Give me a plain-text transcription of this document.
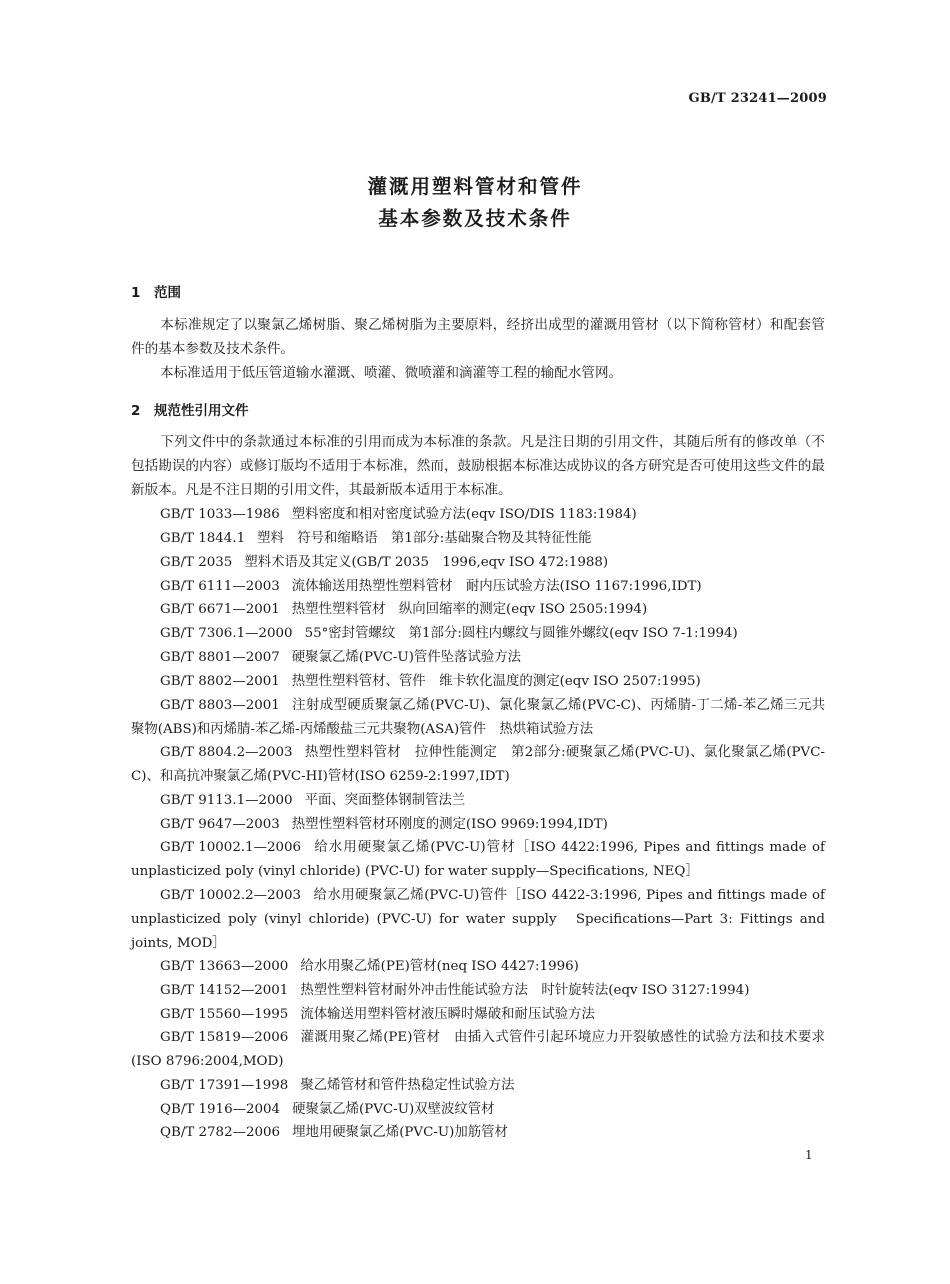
GB/T 23241—2009
灌溉用塑料管材和管件
基本参数及技术条件
1 范围
本标准规定了以聚氯乙烯树脂、聚乙烯树脂为主要原料，经挤出成型的灌溉用管材（以下简称管材）和配套管件的基本参数及技术条件。
本标准适用于低压管道输水灌溉、喷灌、微喷灌和滴灌等工程的输配水管网。
2 规范性引用文件
下列文件中的条款通过本标准的引用而成为本标准的条款。凡是注日期的引用文件，其随后所有的修改单（不包括勘误的内容）或修订版均不适用于本标准，然而，鼓励根据本标准达成协议的各方研究是否可使用这些文件的最新版本。凡是不注日期的引用文件，其最新版本适用于本标准。
GB/T 1033—1986 塑料密度和相对密度试验方法(eqv ISO/DIS 1183:1984)
GB/T 1844.1 塑料　符号和缩略语　第1部分:基础聚合物及其特征性能
GB/T 2035 塑料术语及其定义(GB/T 2035　1996,eqv ISO 472:1988)
GB/T 6111—2003 流体输送用热塑性塑料管材　耐内压试验方法(ISO 1167:1996,IDT)
GB/T 6671—2001 热塑性塑料管材　纵向回缩率的测定(eqv ISO 2505:1994)
GB/T 7306.1—2000 55°密封管螺纹　第1部分:圆柱内螺纹与圆锥外螺纹(eqv ISO 7-1:1994)
GB/T 8801—2007 硬聚氯乙烯(PVC-U)管件坠落试验方法
GB/T 8802—2001 热塑性塑料管材、管件　维卡软化温度的测定(eqv ISO 2507:1995)
GB/T 8803—2001 注射成型硬质聚氯乙烯(PVC-U)、氯化聚氯乙烯(PVC-C)、丙烯腈-丁二烯-苯乙烯三元共聚物(ABS)和丙烯腈-苯乙烯-丙烯酸盐三元共聚物(ASA)管件　热烘箱试验方法
GB/T 8804.2—2003 热塑性塑料管材　拉伸性能测定　第2部分:硬聚氯乙烯(PVC-U)、氯化聚氯乙烯(PVC-C)、和高抗冲聚氯乙烯(PVC-HI)管材(ISO 6259-2:1997,IDT)
GB/T 9113.1—2000 平面、突面整体钢制管法兰
GB/T 9647—2003 热塑性塑料管材环刚度的测定(ISO 9969:1994,IDT)
GB/T 10002.1—2006 给水用硬聚氯乙烯(PVC-U)管材［ISO 4422:1996, Pipes and fittings made of unplasticized poly (vinyl chloride) (PVC-U) for water supply—Specifications, NEQ］
GB/T 10002.2—2003 给水用硬聚氯乙烯(PVC-U)管件［ISO 4422-3:1996, Pipes and fittings made of unplasticized poly (vinyl chloride) (PVC-U) for water supply　Specifications—Part 3: Fittings and joints, MOD］
GB/T 13663—2000 给水用聚乙烯(PE)管材(neq ISO 4427:1996)
GB/T 14152—2001 热塑性塑料管材耐外冲击性能试验方法　时针旋转法(eqv ISO 3127:1994)
GB/T 15560—1995 流体输送用塑料管材液压瞬时爆破和耐压试验方法
GB/T 15819—2006 灌溉用聚乙烯(PE)管材　由插入式管件引起环境应力开裂敏感性的试验方法和技术要求(ISO 8796:2004,MOD)
GB/T 17391—1998 聚乙烯管材和管件热稳定性试验方法
QB/T 1916—2004 硬聚氯乙烯(PVC-U)双壁波纹管材
QB/T 2782—2006 埋地用硬聚氯乙烯(PVC-U)加筋管材
1
